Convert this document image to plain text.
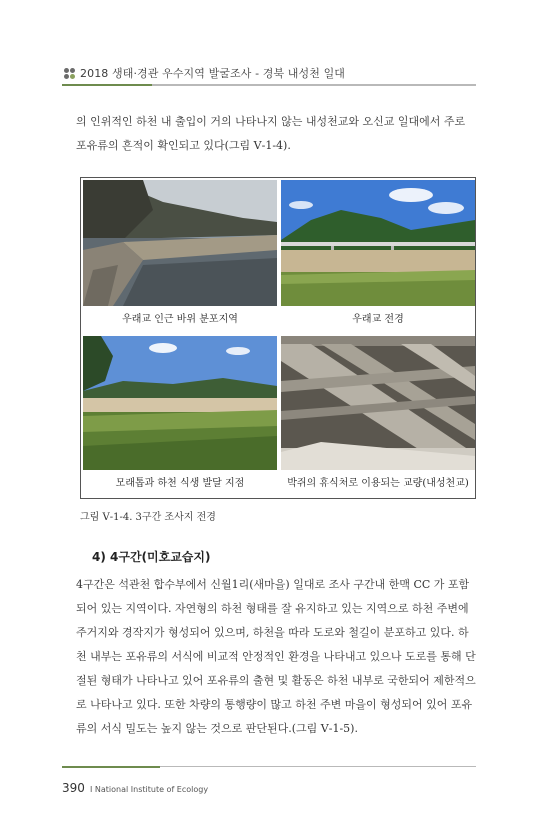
2018 생태·경관 우수지역 발굴조사 - 경북 내성천 일대
의 인위적인 하천 내 출입이 거의 나타나지 않는 내성천교와 오신교 일대에서 주로 포유류의 흔적이 확인되고 있다(그림 Ⅴ-1-4).
우래교 인근 바위 분포지역	우래교 전경
모래톱과 하천 식생 발달 지점	박쥐의 휴식처로 이용되는 교량(내성천교)
그림 Ⅴ-1-4. 3구간 조사지 전경
4) 4구간(미호교습지)
4구간은 석관천 합수부에서 신월1리(새마을) 일대로 조사 구간내 한맥 CC 가 포함되어 있는 지역이다. 자연형의 하천 형태를 잘 유지하고 있는 지역으로 하천 주변에 주거지와 경작지가 형성되어 있으며, 하천을 따라 도로와 철길이 분포하고 있다. 하천 내부는 포유류의 서식에 비교적 안정적인 환경을 나타내고 있으나 도로를 통해 단절된 형태가 나타나고 있어 포유류의 출현 및 활동은 하천 내부로 국한되어 제한적으로 나타나고 있다. 또한 차량의 통행량이 많고 하천 주변 마을이 형성되어 있어 포유류의 서식 밀도는 높지 않는 것으로 판단된다.(그림 Ⅴ-1-5).
390 I National Institute of Ecology
